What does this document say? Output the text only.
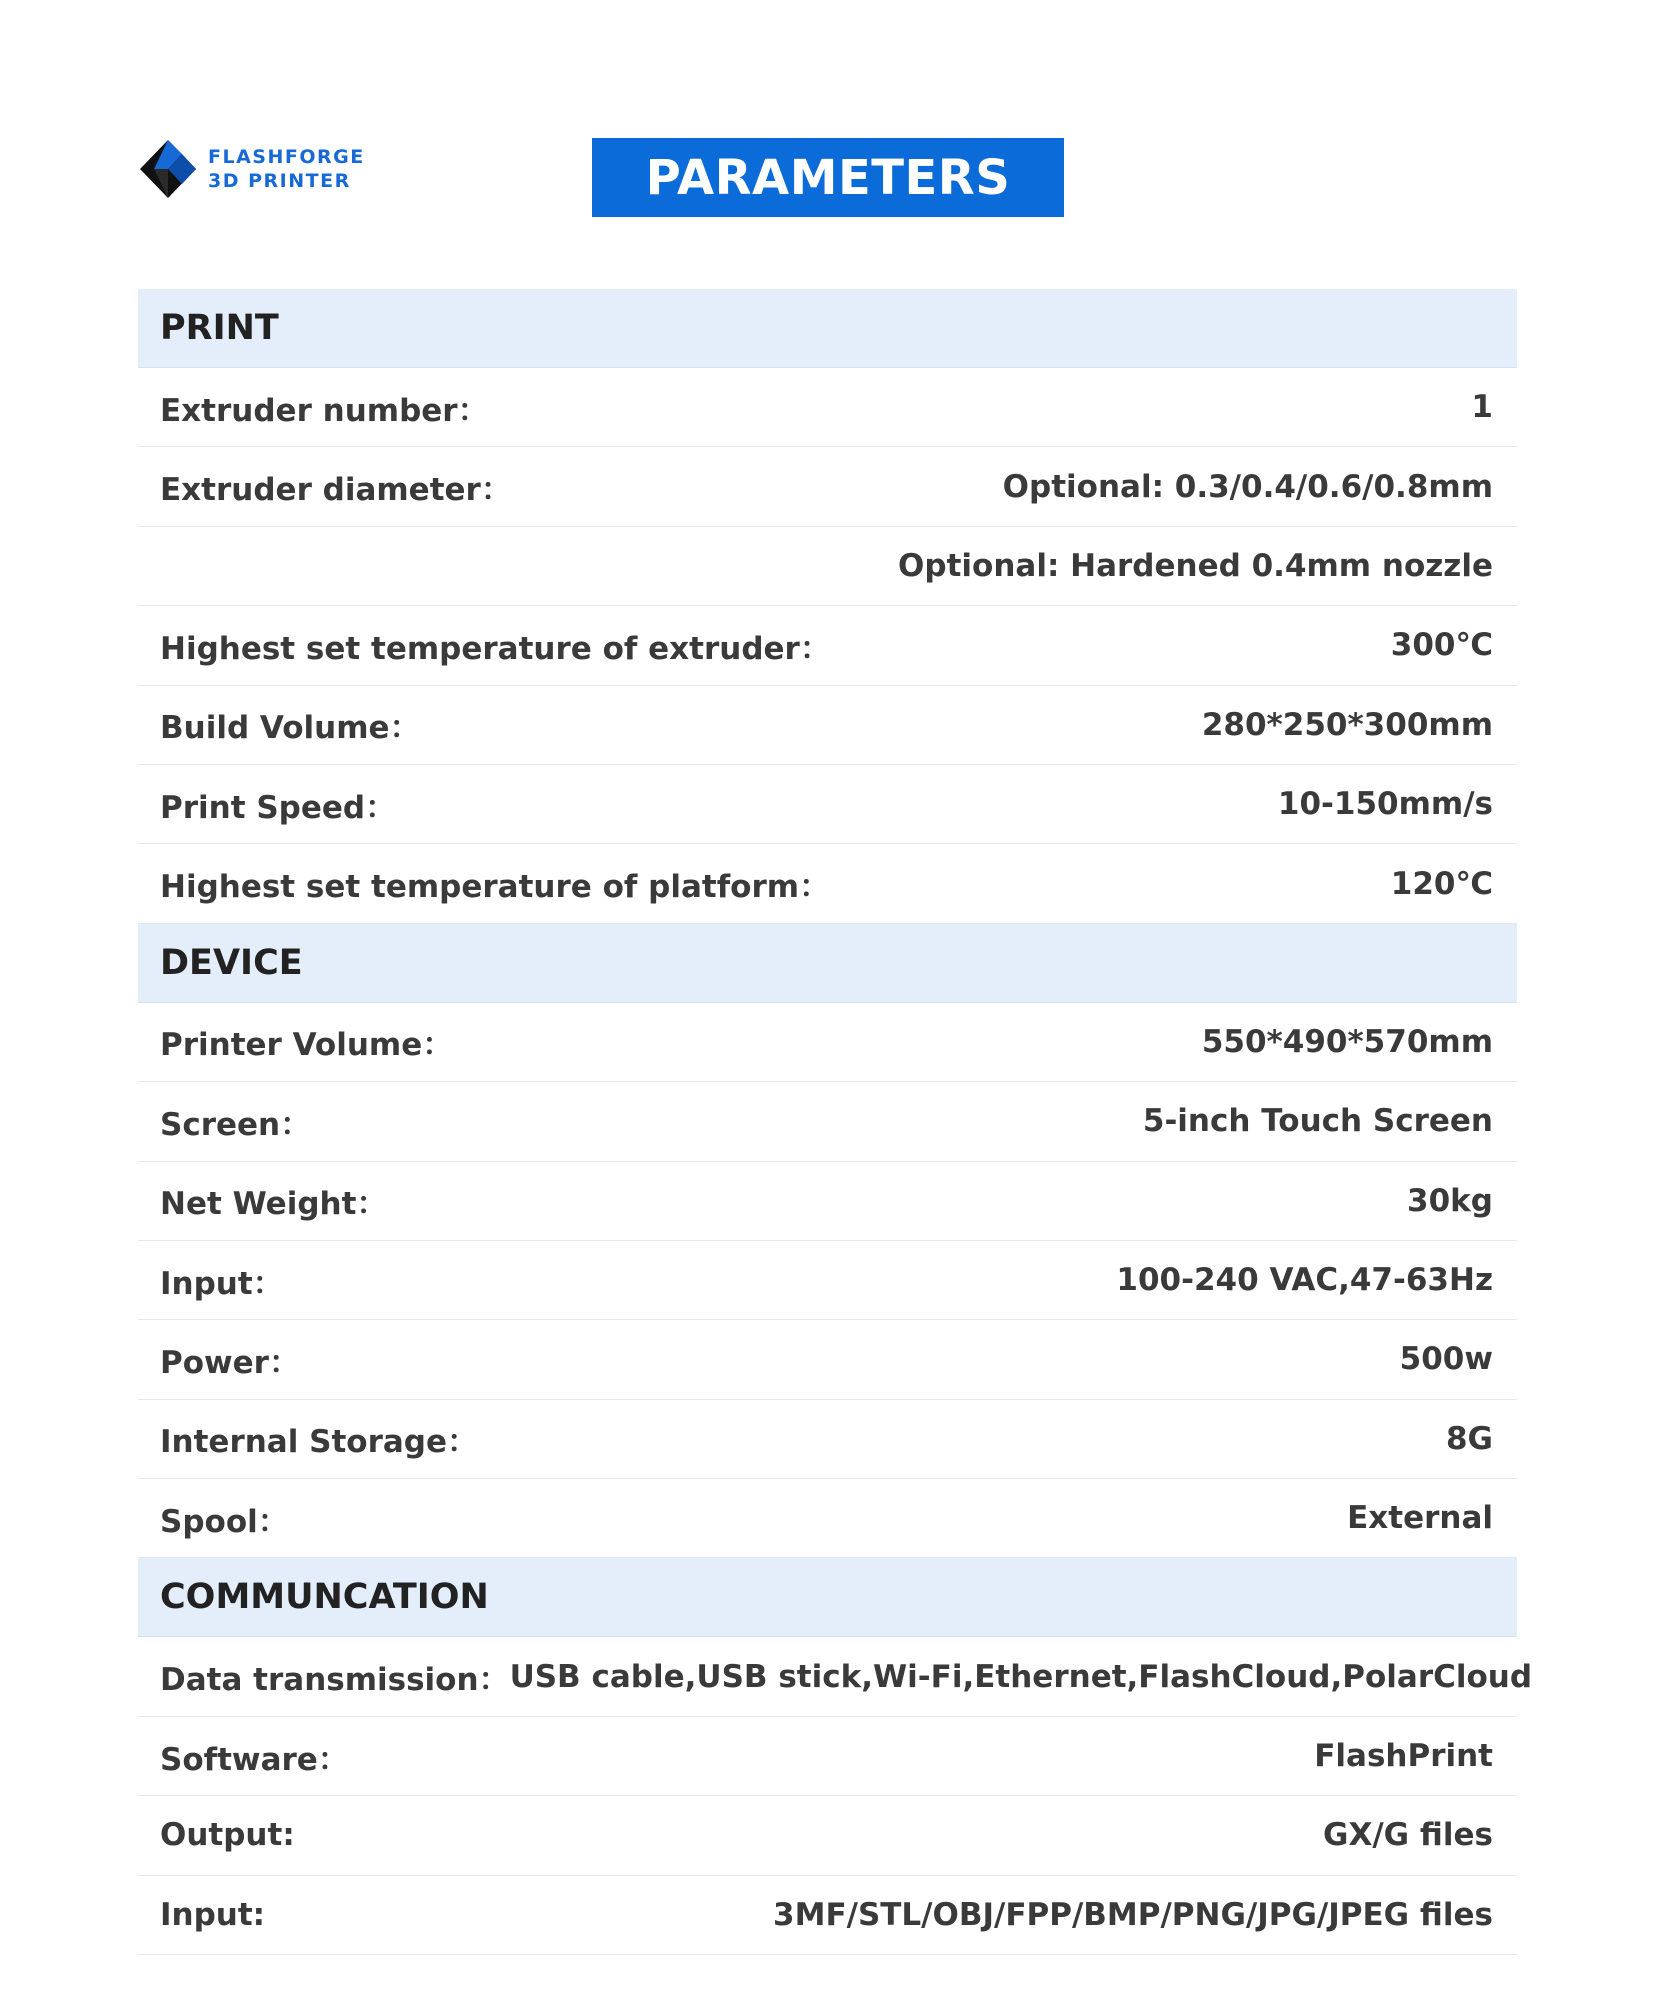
FLASHFORGE
3D PRINTER	PARAMETERS
PRINT
Extruder number：	1
Extruder diameter：	Optional: 0.3/0.4/0.6/0.8mm
Optional: Hardened 0.4mm nozzle
Highest set temperature of extruder：	300℃
Build Volume：	280*250*300mm
Print Speed：	10-150mm/s
Highest set temperature of platform：	120℃
DEVICE
Printer Volume：	550*490*570mm
Screen：	5-inch Touch Screen
Net Weight：	30kg
Input：	100-240 VAC,47-63Hz
Power：	500w
Internal Storage：	8G
Spool：	External
COMMUNCATION
Data transmission： USB cable,USB stick,Wi-Fi,Ethernet,FlashCloud,PolarCloud
Software：	FlashPrint
Output:	GX/G files
Input:	3MF/STL/OBJ/FPP/BMP/PNG/JPG/JPEG files
